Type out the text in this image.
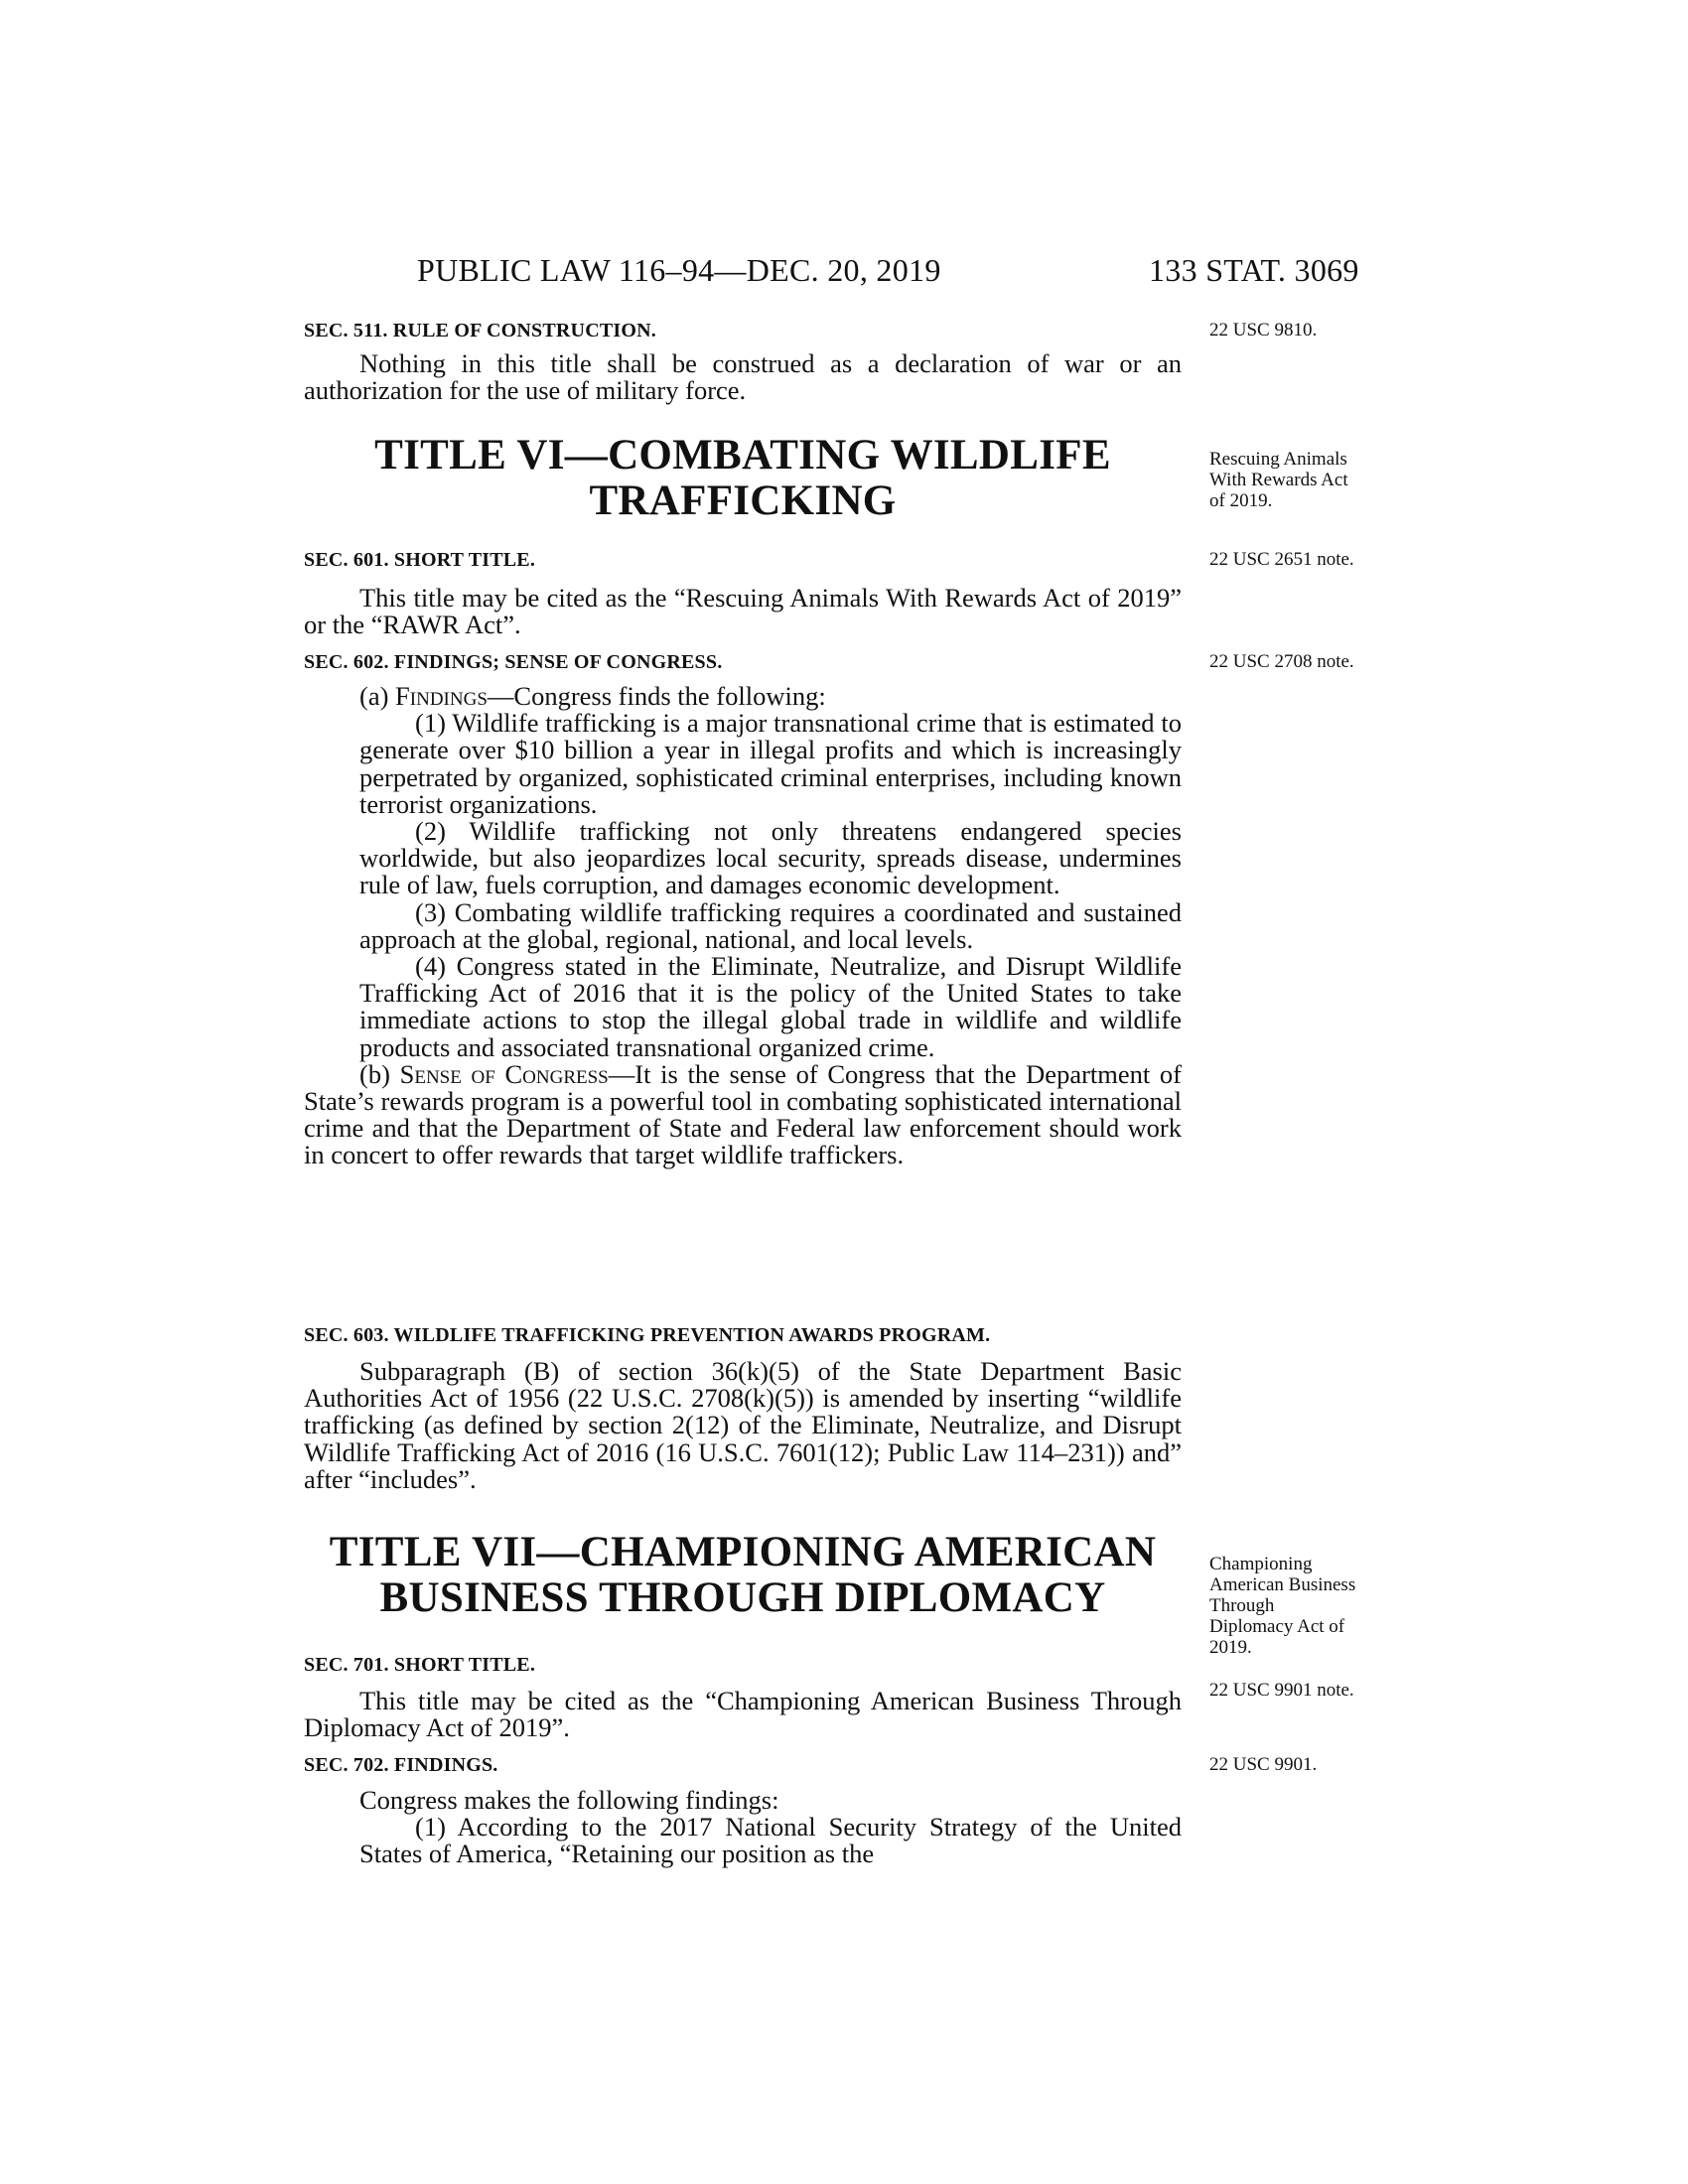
PUBLIC LAW 116–94—DEC. 20, 2019	133 STAT. 3069
SEC. 511. RULE OF CONSTRUCTION.	22 USC 9810.

Nothing in this title shall be construed as a declaration of war or an authorization for the use of military force.

TITLE VI—COMBATING WILDLIFE
TRAFFICKING
Rescuing Animals With Rewards Act of 2019.
SEC. 601. SHORT TITLE.	22 USC 2651 note.

This title may be cited as the “Rescuing Animals With Rewards Act of 2019” or the “RAWR Act”.

SEC. 602. FINDINGS; SENSE OF CONGRESS.	22 USC 2708 note.

(a) Findings—Congress finds the following:

(1) Wildlife trafficking is a major transnational crime that is estimated to generate over $10 billion a year in illegal profits and which is increasingly perpetrated by organized, sophisticated criminal enterprises, including known terrorist organizations.

(2) Wildlife trafficking not only threatens endangered species worldwide, but also jeopardizes local security, spreads disease, undermines rule of law, fuels corruption, and damages economic development.

(3) Combating wildlife trafficking requires a coordinated and sustained approach at the global, regional, national, and local levels.

(4) Congress stated in the Eliminate, Neutralize, and Disrupt Wildlife Trafficking Act of 2016 that it is the policy of the United States to take immediate actions to stop the illegal global trade in wildlife and wildlife products and associated transnational organized crime.

(b) Sense of Congress—It is the sense of Congress that the Department of State’s rewards program is a powerful tool in combating sophisticated international crime and that the Department of State and Federal law enforcement should work in concert to offer rewards that target wildlife traffickers.

SEC. 603. WILDLIFE TRAFFICKING PREVENTION AWARDS PROGRAM.

Subparagraph (B) of section 36(k)(5) of the State Department Basic Authorities Act of 1956 (22 U.S.C. 2708(k)(5)) is amended by inserting “wildlife trafficking (as defined by section 2(12) of the Eliminate, Neutralize, and Disrupt Wildlife Trafficking Act of 2016 (16 U.S.C. 7601(12); Public Law 114–231)) and” after “includes”.

TITLE VII—CHAMPIONING AMERICAN
BUSINESS THROUGH DIPLOMACY
Championing American Business Through Diplomacy Act of 2019.
SEC. 701. SHORT TITLE.
22 USC 9901 note.

This title may be cited as the “Championing American Business Through Diplomacy Act of 2019”.

SEC. 702. FINDINGS.	22 USC 9901.

Congress makes the following findings:

(1) According to the 2017 National Security Strategy of the United States of America, “Retaining our position as the
